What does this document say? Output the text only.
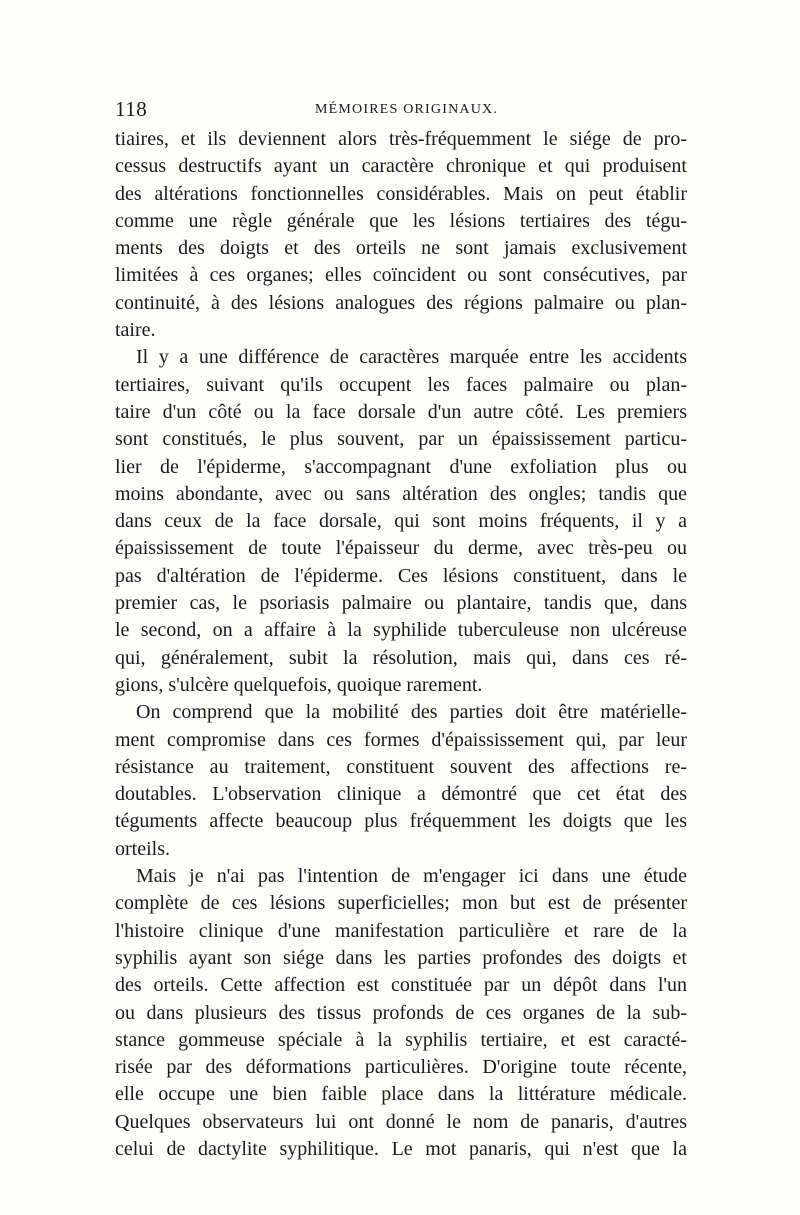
118	MÉMOIRES ORIGINAUX.
tiaires, et ils deviennent alors très-fréquemment le siége de pro-
cessus destructifs ayant un caractère chronique et qui produisent
des altérations fonctionnelles considérables. Mais on peut établir
comme une règle générale que les lésions tertiaires des tégu-
ments des doigts et des orteils ne sont jamais exclusivement
limitées à ces organes; elles coïncident ou sont consécutives, par
continuité, à des lésions analogues des régions palmaire ou plan-
taire.
Il y a une différence de caractères marquée entre les accidents
tertiaires, suivant qu'ils occupent les faces palmaire ou plan-
taire d'un côté ou la face dorsale d'un autre côté. Les premiers
sont constitués, le plus souvent, par un épaississement particu-
lier de l'épiderme, s'accompagnant d'une exfoliation plus ou
moins abondante, avec ou sans altération des ongles; tandis que
dans ceux de la face dorsale, qui sont moins fréquents, il y a
épaississement de toute l'épaisseur du derme, avec très-peu ou
pas d'altération de l'épiderme. Ces lésions constituent, dans le
premier cas, le psoriasis palmaire ou plantaire, tandis que, dans
le second, on a affaire à la syphilide tuberculeuse non ulcéreuse
qui, généralement, subit la résolution, mais qui, dans ces ré-
gions, s'ulcère quelquefois, quoique rarement.
On comprend que la mobilité des parties doit être matérielle-
ment compromise dans ces formes d'épaississement qui, par leur
résistance au traitement, constituent souvent des affections re-
doutables. L'observation clinique a démontré que cet état des
téguments affecte beaucoup plus fréquemment les doigts que les
orteils.
Mais je n'ai pas l'intention de m'engager ici dans une étude
complète de ces lésions superficielles; mon but est de présenter
l'histoire clinique d'une manifestation particulière et rare de la
syphilis ayant son siége dans les parties profondes des doigts et
des orteils. Cette affection est constituée par un dépôt dans l'un
ou dans plusieurs des tissus profonds de ces organes de la sub-
stance gommeuse spéciale à la syphilis tertiaire, et est caracté-
risée par des déformations particulières. D'origine toute récente,
elle occupe une bien faible place dans la littérature médicale.
Quelques observateurs lui ont donné le nom de panaris, d'autres
celui de dactylite syphilitique. Le mot panaris, qui n'est que la
